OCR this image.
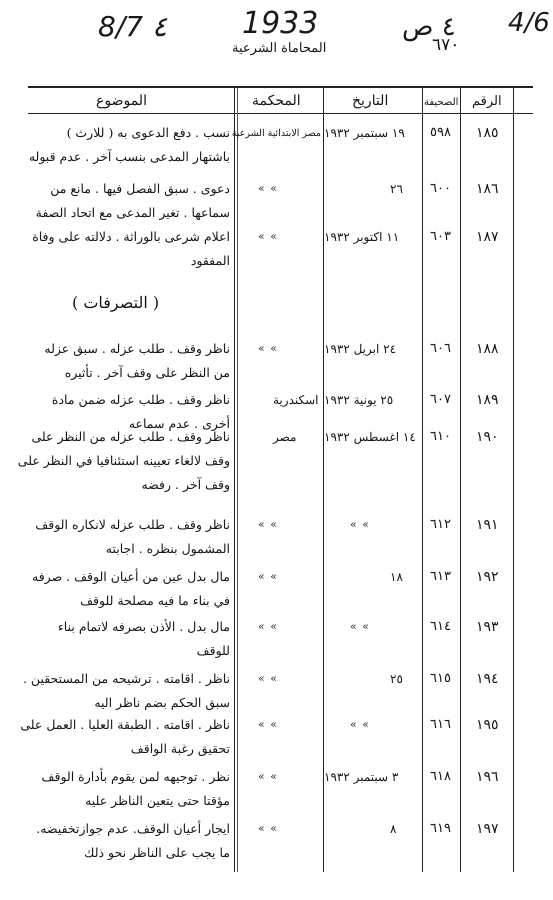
8/7 ٤ 1933	٤ ص 4/6
المحاماة الشرعية	٦٧٠
الرقم
الصحيفة
التاريخ
المحكمة
الموضوع
( التصرفات )
١٨٥
٥٩٨
١٩ سبتمبر ١٩٣٢
مصر الابتدائية الشرعية
نسب . دفع الدعوى به ( للارث )
باشتهار المدعى بنسب آخر . عدم قبوله
١٨٦
٦٠٠
٢٦
« «
دعوى . سبق الفصل فيها . مانع من
سماعها . تغير المدعى مع اتحاد الصفة
١٨٧
٦٠٣
١١ اكتوبر ١٩٣٢
« «
اعلام شرعى بالوراثة . دلالته على وفاة
المفقود
١٨٨
٦٠٦
٢٤ ابريل ١٩٣٢
« «
ناظر وقف . طلب عزله . سبق عزله
من النظر على وقف آخر . تأثيره
١٨٩
٦٠٧
٢٥ يونية ١٩٣٢
اسكندرية
ناظر وقف . طلب عزله ضمن مادة
أخرى . عدم سماعه
١٩٠
٦١٠
١٤ اغسطس ١٩٣٢
مصر
ناظر وقف . طلب عزله من النظر على
وقف لالغاء تعيينه استئنافيا في النظر على
وقف آخر . رفضه
١٩١
٦١٢
« «
« «
ناظر وقف . طلب عزله لانكاره الوقف
المشمول بنظره . اجابته
١٩٢
٦١٣
١٨
« «
مال بدل عين من أعيان الوقف . صرفه
في بناء ما فيه مصلحة للوقف
١٩٣
٦١٤
« «
« «
مال بدل . الأذن بصرفه لاتمام بناء
للوقف
١٩٤
٦١٥
٢٥
« «
ناظر . اقامته . ترشيحه من المستحقين .
سبق الحكم بضم ناظر اليه
١٩٥
٦١٦
« «
« «
ناظر . اقامته . الطبقة العليا . العمل على
تحقيق رغبة الواقف
١٩٦
٦١٨
٣ سبتمبر ١٩٣٢
« «
نظر . توجيهه لمن يقوم بأدارة الوقف
مؤقتا حتى يتعين الناظر عليه
١٩٧
٦١٩
٨
« «
ايجار أعيان الوقف. عدم جوازتخفيضه.
ما يجب على الناظر نحو ذلك
